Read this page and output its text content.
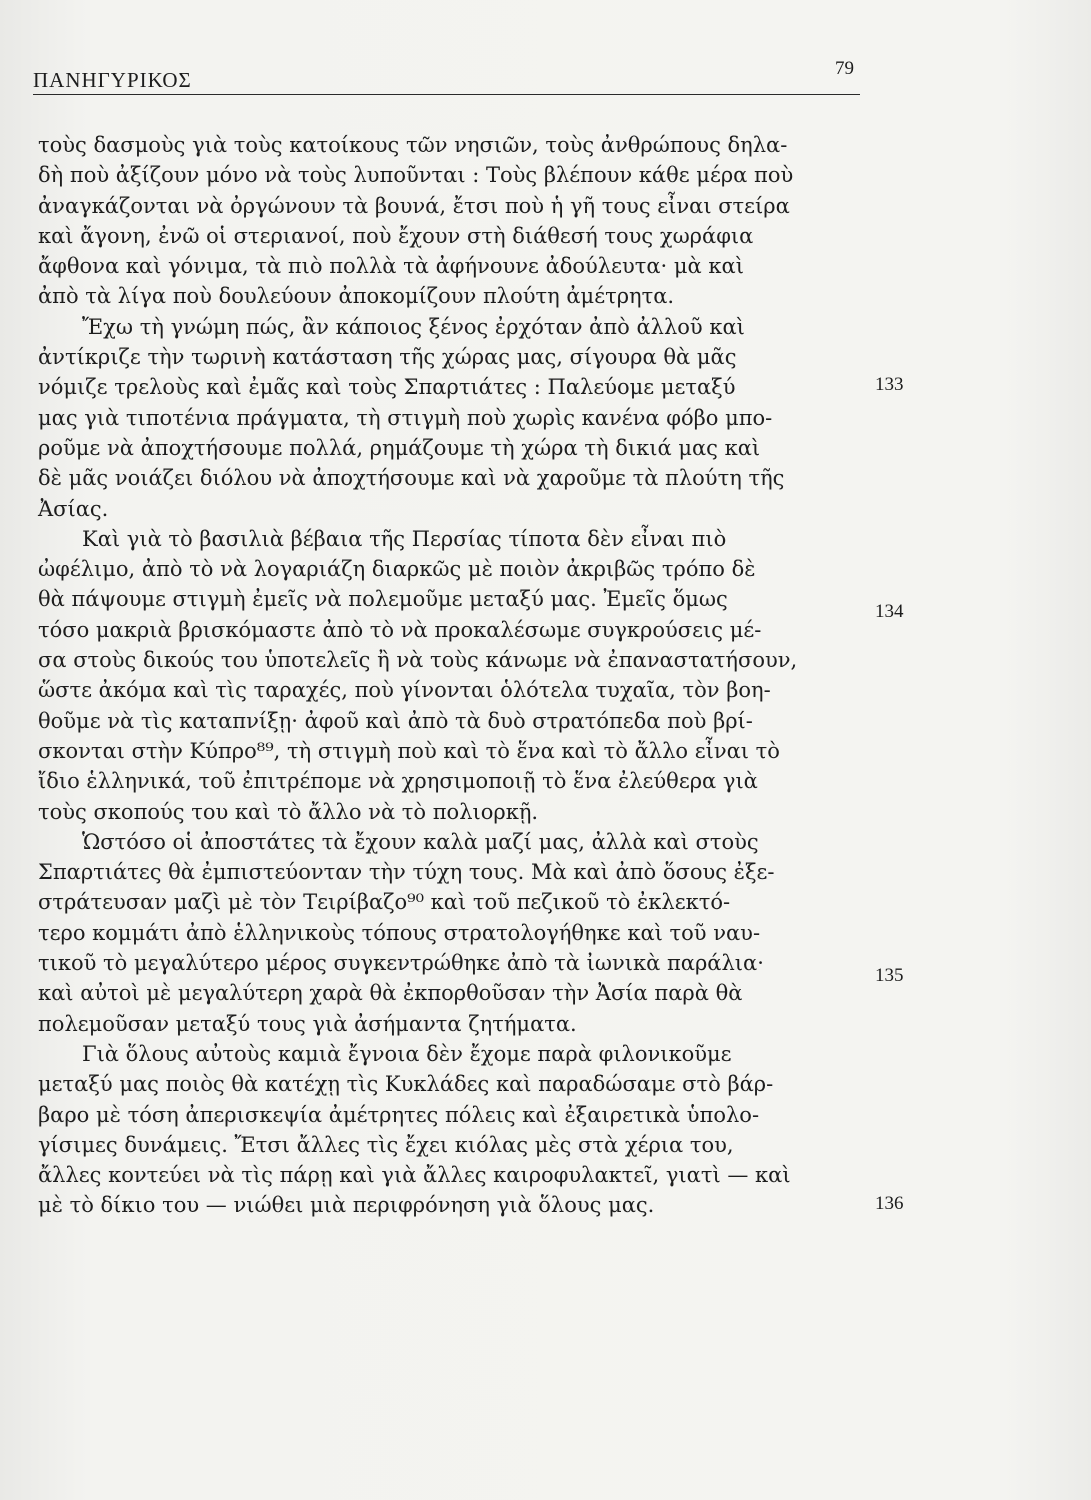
ΠΑΝΗΓΥΡΙΚΟΣ	79
τοὺς δασμοὺς γιὰ τοὺς κατοίκους τῶν νησιῶν, τοὺς ἀνθρώπους δηλα-
δὴ ποὺ ἀξίζουν μόνο νὰ τοὺς λυποῦνται : Τοὺς βλέπουν κάθε μέρα ποὺ
ἀναγκάζονται νὰ ὀργώνουν τὰ βουνά, ἔτσι ποὺ ἡ γῆ τους εἶναι στείρα
καὶ ἄγονη, ἐνῶ οἱ στεριανοί, ποὺ ἔχουν στὴ διάθεσή τους χωράφια
ἄφθονα καὶ γόνιμα, τὰ πιὸ πολλὰ τὰ ἀφήνουνε ἀδούλευτα· μὰ καὶ
ἀπὸ τὰ λίγα ποὺ δουλεύουν ἀποκομίζουν πλούτη ἀμέτρητα.
Ἔχω τὴ γνώμη πώς, ἂν κάποιος ξένος ἐρχόταν ἀπὸ ἀλλοῦ καὶ
ἀντίκριζε τὴν τωρινὴ κατάσταση τῆς χώρας μας, σίγουρα θὰ μᾶς
νόμιζε τρελοὺς καὶ ἐμᾶς καὶ τοὺς Σπαρτιάτες : Παλεύομε μεταξύ
μας γιὰ τιποτένια πράγματα, τὴ στιγμὴ ποὺ χωρὶς κανένα φόβο μπο-
ροῦμε νὰ ἀποχτήσουμε πολλά, ρημάζουμε τὴ χώρα τὴ δικιά μας καὶ
δὲ μᾶς νοιάζει διόλου νὰ ἀποχτήσουμε καὶ νὰ χαροῦμε τὰ πλούτη τῆς
Ἀσίας.
Καὶ γιὰ τὸ βασιλιὰ βέβαια τῆς Περσίας τίποτα δὲν εἶναι πιὸ
ὠφέλιμο, ἀπὸ τὸ νὰ λογαριάζη διαρκῶς μὲ ποιὸν ἀκριβῶς τρόπο δὲ
θὰ πάψουμε στιγμὴ ἐμεῖς νὰ πολεμοῦμε μεταξύ μας. Ἐμεῖς ὅμως
τόσο μακριὰ βρισκόμαστε ἀπὸ τὸ νὰ προκαλέσωμε συγκρούσεις μέ-
σα στοὺς δικούς του ὑποτελεῖς ἢ νὰ τοὺς κάνωμε νὰ ἐπαναστατήσουν,
ὥστε ἀκόμα καὶ τὶς ταραχές, ποὺ γίνονται ὁλότελα τυχαῖα, τὸν βοη-
θοῦμε νὰ τὶς καταπνίξῃ· ἀφοῦ καὶ ἀπὸ τὰ δυὸ στρατόπεδα ποὺ βρί-
σκονται στὴν Κύπρο⁸⁹, τὴ στιγμὴ ποὺ καὶ τὸ ἕνα καὶ τὸ ἄλλο εἶναι τὸ
ἴδιο ἑλληνικά, τοῦ ἐπιτρέπομε νὰ χρησιμοποιῇ τὸ ἕνα ἐλεύθερα γιὰ
τοὺς σκοπούς του καὶ τὸ ἄλλο νὰ τὸ πολιορκῇ.
Ὡστόσο οἱ ἀποστάτες τὰ ἔχουν καλὰ μαζί μας, ἀλλὰ καὶ στοὺς
Σπαρτιάτες θὰ ἐμπιστεύονταν τὴν τύχη τους. Μὰ καὶ ἀπὸ ὅσους ἐξε-
στράτευσαν μαζὶ μὲ τὸν Τειρίβαζο⁹⁰ καὶ τοῦ πεζικοῦ τὸ ἐκλεκτό-
τερο κομμάτι ἀπὸ ἑλληνικοὺς τόπους στρατολογήθηκε καὶ τοῦ ναυ-
τικοῦ τὸ μεγαλύτερο μέρος συγκεντρώθηκε ἀπὸ τὰ ἰωνικὰ παράλια·
καὶ αὐτοὶ μὲ μεγαλύτερη χαρὰ θὰ ἐκπορθοῦσαν τὴν Ἀσία παρὰ θὰ
πολεμοῦσαν μεταξύ τους γιὰ ἀσήμαντα ζητήματα.
Γιὰ ὅλους αὐτοὺς καμιὰ ἔγνοια δὲν ἔχομε παρὰ φιλονικοῦμε
μεταξύ μας ποιὸς θὰ κατέχῃ τὶς Κυκλάδες καὶ παραδώσαμε στὸ βάρ-
βαρο μὲ τόση ἀπερισκεψία ἀμέτρητες πόλεις καὶ ἐξαιρετικὰ ὑπολο-
γίσιμες δυνάμεις. Ἔτσι ἄλλες τὶς ἔχει κιόλας μὲς στὰ χέρια του,
ἄλλες κοντεύει νὰ τὶς πάρῃ καὶ γιὰ ἄλλες καιροφυλακτεῖ, γιατὶ — καὶ
μὲ τὸ δίκιο του — νιώθει μιὰ περιφρόνηση γιὰ ὅλους μας.
133
134
135
136
